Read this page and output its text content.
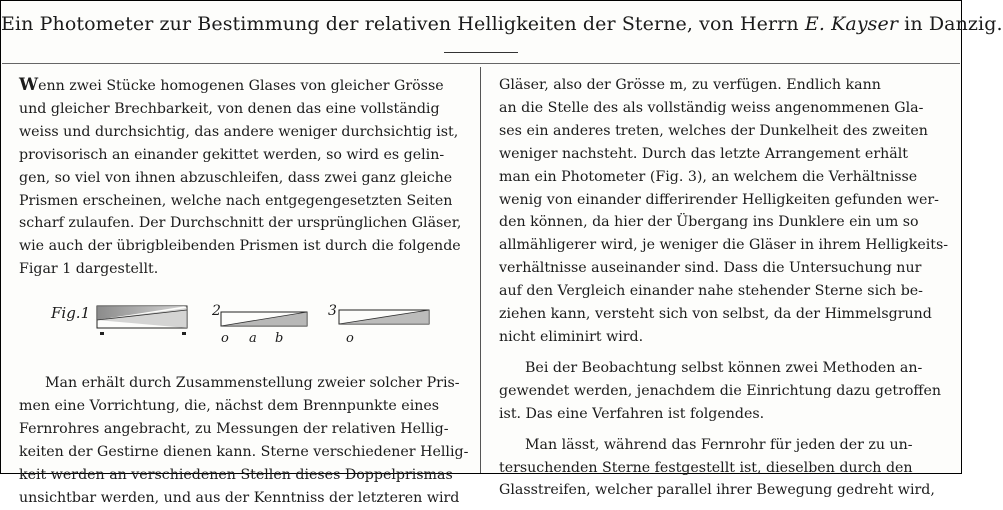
Ein Photometer zur Bestimmung der relativen Helligkeiten der Sterne, von Herrn E. Kayser in Danzig.
Wenn zwei Stücke homogenen Glases von gleicher Grösse
und gleicher Brechbarkeit, von denen das eine vollständig
weiss und durchsichtig, das andere weniger durchsichtig ist,
provisorisch an einander gekittet werden, so wird es gelin-
gen, so viel von ihnen abzuschleifen, dass zwei ganz gleiche
Prismen erscheinen, welche nach entgegengesetzten Seiten
scharf zulaufen. Der Durchschnitt der ursprünglichen Gläser,
wie auch der übrigbleibenden Prismen ist durch die folgende
Figar 1 dargestellt.
Fig.1	2	3
o a b	o
Man erhält durch Zusammenstellung zweier solcher Pris-
men eine Vorrichtung, die, nächst dem Brennpunkte eines
Fernrohres angebracht, zu Messungen der relativen Hellig-
keiten der Gestirne dienen kann. Sterne verschiedener Hellig-
keit werden an verschiedenen Stellen dieses Doppelprismas
unsichtbar werden, und aus der Kenntniss der letzteren wird
Gläser, also der Grösse m, zu verfügen. Endlich kann
an die Stelle des als vollständig weiss angenommenen Gla-
ses ein anderes treten, welches der Dunkelheit des zweiten
weniger nachsteht. Durch das letzte Arrangement erhält
man ein Photometer (Fig. 3), an welchem die Verhältnisse
wenig von einander differirender Helligkeiten gefunden wer-
den können, da hier der Übergang ins Dunklere ein um so
allmähligerer wird, je weniger die Gläser in ihrem Helligkeits-
verhältnisse auseinander sind. Dass die Untersuchung nur
auf den Vergleich einander nahe stehender Sterne sich be-
ziehen kann, versteht sich von selbst, da der Himmelsgrund
nicht eliminirt wird.
Bei der Beobachtung selbst können zwei Methoden an-
gewendet werden, jenachdem die Einrichtung dazu getroffen
ist. Das eine Verfahren ist folgendes.
Man lässt, während das Fernrohr für jeden der zu un-
tersuchenden Sterne festgestellt ist, dieselben durch den
Glasstreifen, welcher parallel ihrer Bewegung gedreht wird,
